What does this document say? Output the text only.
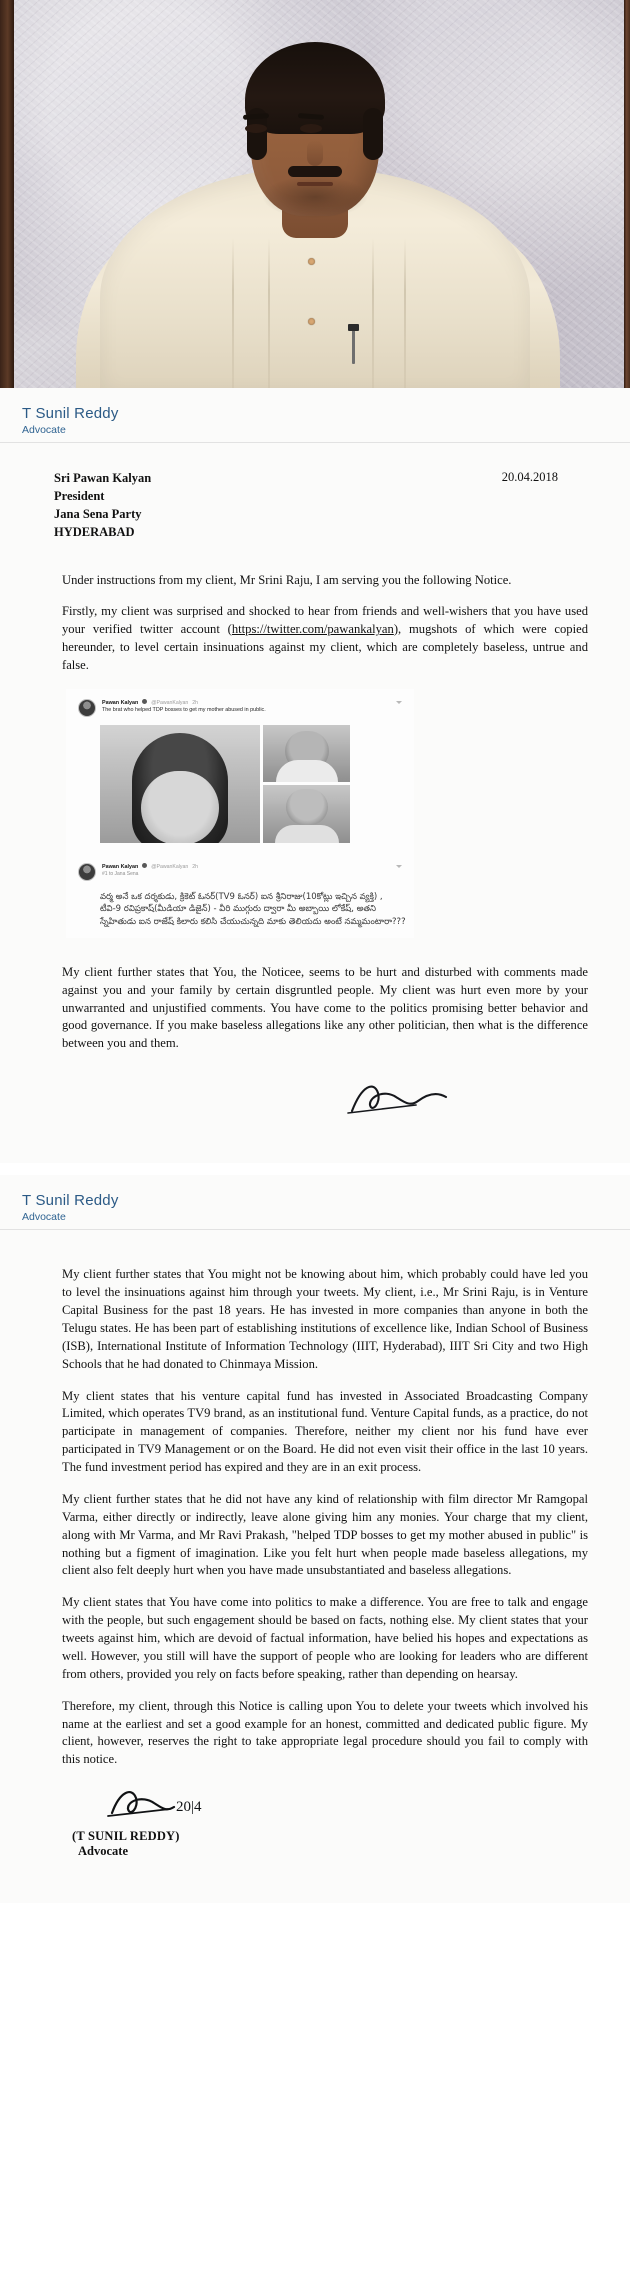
T Sunil Reddy
Advocate
Sri Pawan Kalyan
President
Jana Sena Party
HYDERABAD
20.04.2018

Under instructions from my client, Mr Srini Raju, I am serving you the following Notice.

Firstly, my client was surprised and shocked to hear from friends and well-wishers that you have used your verified twitter account (https://twitter.com/pawankalyan), mugshots of which were copied hereunder, to level certain insinuations against my client, which are completely baseless, untrue and false.

Pawan Kalyan	@PawanKalyan 2h
The brat who helped TDP bosses to get my mother abused in public.
Pawan Kalyan	@PawanKalyan 2h
#1 to Jana Sena
వర్మ అనే ఒక దర్శకుడు, క్రికెట్ ఓనర్(TV9 ఓనర్) ఐన శ్రీనిరాజు(10కోట్లు ఇచ్చిన వ్యక్తి) , టీవి-9 రవిప్రకాష్(మీడియా డిజైన్) - వీరి ముగ్గురు ద్వారా మీ అబ్బాయి లోకేష్, అతని స్నేహితుడు ఐన రాజేష్ కిలారు కలిసి చేయుచున్నది మాకు తెలియదు అంటే నమ్మమంటారా???

My client further states that You, the Noticee, seems to be hurt and disturbed with comments made against you and your family by certain disgruntled people. My client was hurt even more by your unwarranted and unjustified comments. You have come to the politics promising better behavior and good governance. If you make baseless allegations like any other politician, then what is the difference between you and them.

T Sunil Reddy
Advocate

My client further states that You might not be knowing about him, which probably could have led you to level the insinuations against him through your tweets. My client, i.e., Mr Srini Raju, is in Venture Capital Business for the past 18 years. He has invested in more companies than anyone in both the Telugu states. He has been part of establishing institutions of excellence like, Indian School of Business (ISB), International Institute of Information Technology (IIIT, Hyderabad), IIIT Sri City and two High Schools that he had donated to Chinmaya Mission.

My client states that his venture capital fund has invested in Associated Broadcasting Company Limited, which operates TV9 brand, as an institutional fund. Venture Capital funds, as a practice, do not participate in management of companies. Therefore, neither my client nor his fund have ever participated in TV9 Management or on the Board. He did not even visit their office in the last 10 years. The fund investment period has expired and they are in an exit process.

My client further states that he did not have any kind of relationship with film director Mr Ramgopal Varma, either directly or indirectly, leave alone giving him any monies. Your charge that my client, along with Mr Varma, and Mr Ravi Prakash, "helped TDP bosses to get my mother abused in public" is nothing but a figment of imagination. Like you felt hurt when people made baseless allegations, my client also felt deeply hurt when you have made unsubstantiated and baseless allegations.

My client states that You have come into politics to make a difference. You are free to talk and engage with the people, but such engagement should be based on facts, nothing else. My client states that your tweets against him, which are devoid of factual information, have belied his hopes and expectations as well. However, you still will have the support of people who are looking for leaders who are different from others, provided you rely on facts before speaking, rather than depending on hearsay.

Therefore, my client, through this Notice is calling upon You to delete your tweets which involved his name at the earliest and set a good example for an honest, committed and dedicated public figure. My client, however, reserves the right to take appropriate legal procedure should you fail to comply with this notice.

20|4
(T SUNIL REDDY)
Advocate
